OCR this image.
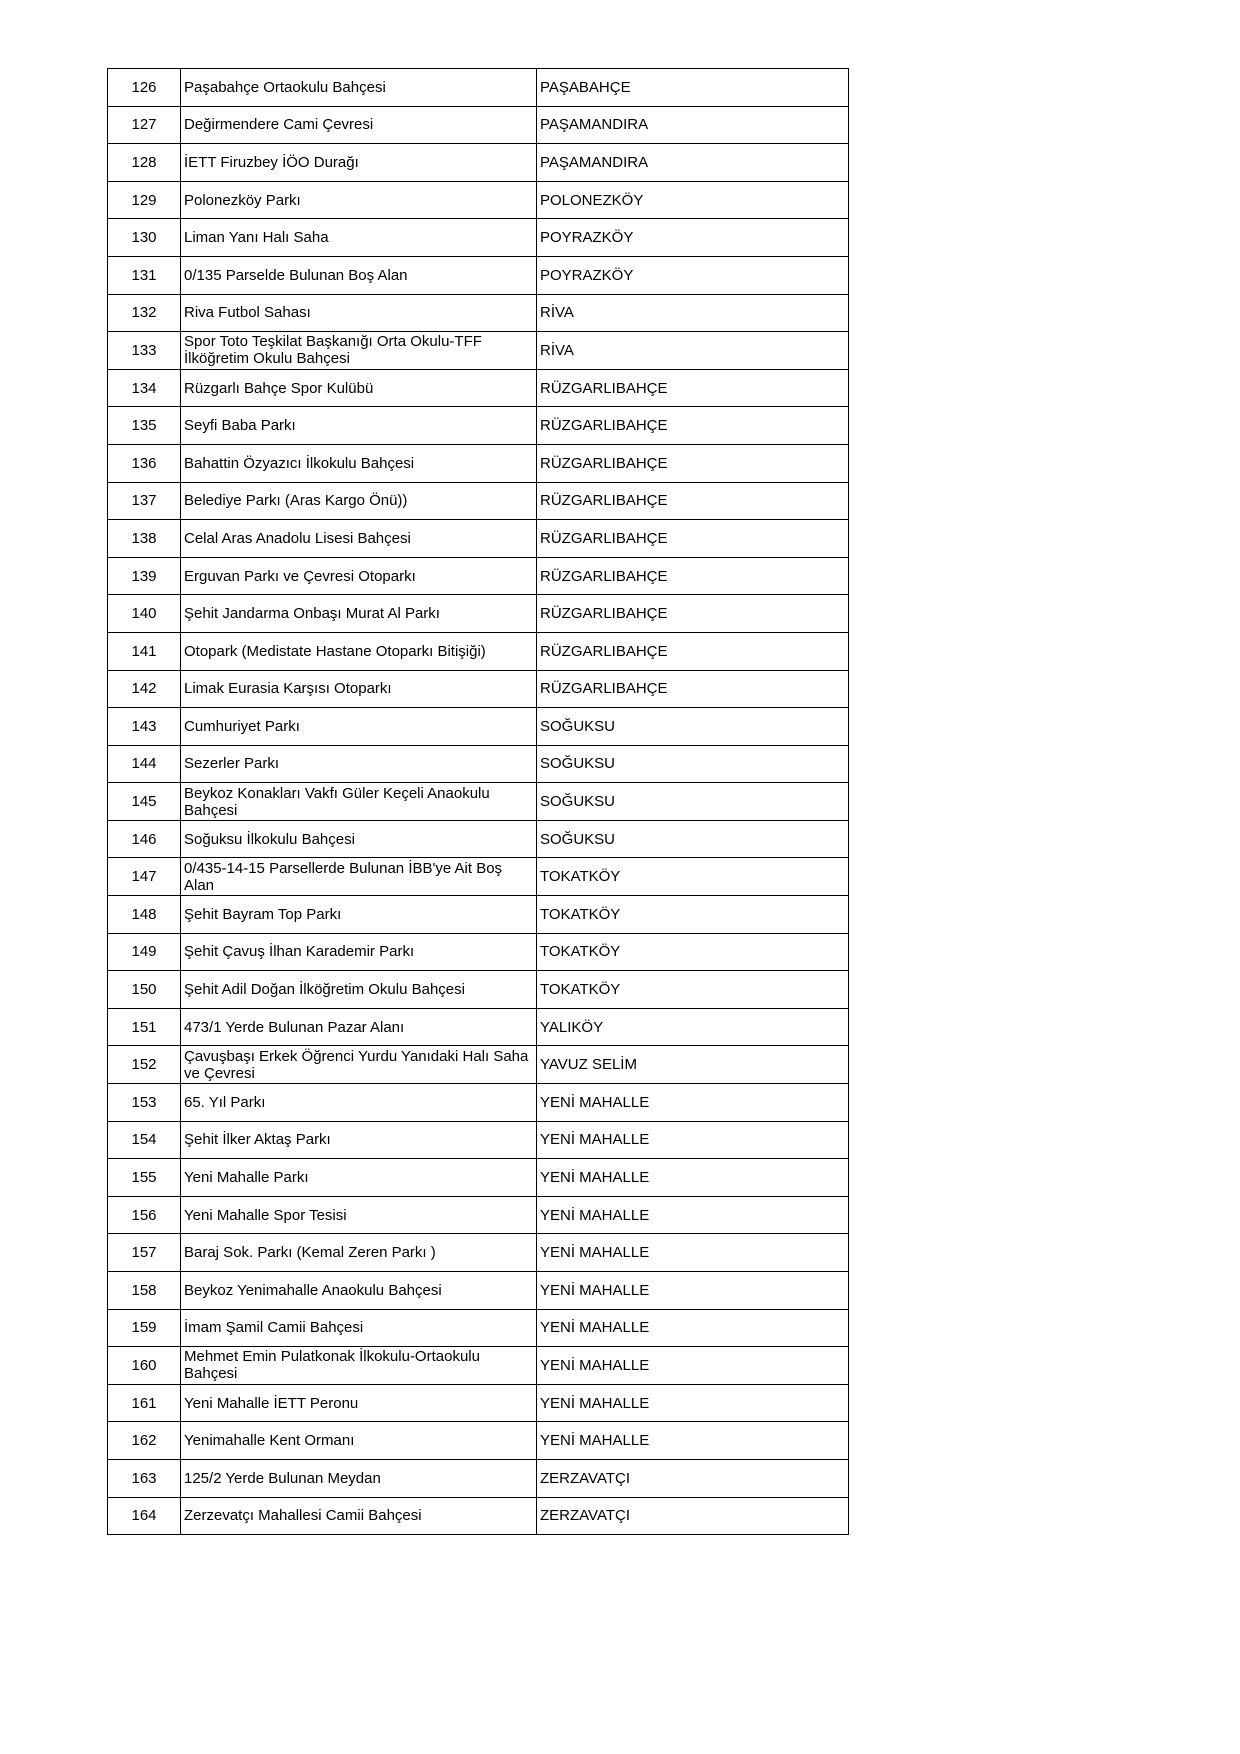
126	Paşabahçe Ortaokulu Bahçesi	PAŞABAHÇE
127	Değirmendere Cami Çevresi	PAŞAMANDIRA
128	İETT Firuzbey İÖO Durağı	PAŞAMANDIRA
129	Polonezköy Parkı	POLONEZKÖY
130	Liman Yanı Halı Saha	POYRAZKÖY
131	0/135 Parselde Bulunan Boş Alan	POYRAZKÖY
132	Riva Futbol Sahası	RİVA
133	Spor Toto Teşkilat Başkanığı Orta Okulu-TFF İlköğretim Okulu Bahçesi	RİVA
134	Rüzgarlı Bahçe Spor Kulübü	RÜZGARLIBAHÇE
135	Seyfi Baba Parkı	RÜZGARLIBAHÇE
136	Bahattin Özyazıcı İlkokulu Bahçesi	RÜZGARLIBAHÇE
137	Belediye Parkı (Aras Kargo Önü))	RÜZGARLIBAHÇE
138	Celal Aras Anadolu Lisesi Bahçesi	RÜZGARLIBAHÇE
139	Erguvan Parkı ve Çevresi Otoparkı	RÜZGARLIBAHÇE
140	Şehit Jandarma Onbaşı Murat Al Parkı	RÜZGARLIBAHÇE
141	Otopark (Medistate Hastane Otoparkı Bitişiği)	RÜZGARLIBAHÇE
142	Limak Eurasia Karşısı Otoparkı	RÜZGARLIBAHÇE
143	Cumhuriyet Parkı	SOĞUKSU
144	Sezerler Parkı	SOĞUKSU
145	Beykoz Konakları Vakfı Güler Keçeli Anaokulu Bahçesi	SOĞUKSU
146	Soğuksu İlkokulu Bahçesi	SOĞUKSU
147	0/435-14-15 Parsellerde Bulunan İBB'ye Ait Boş Alan	TOKATKÖY
148	Şehit Bayram Top Parkı	TOKATKÖY
149	Şehit Çavuş İlhan Karademir Parkı	TOKATKÖY
150	Şehit Adil Doğan İlköğretim Okulu Bahçesi	TOKATKÖY
151	473/1 Yerde Bulunan Pazar Alanı	YALIKÖY
152	Çavuşbaşı Erkek Öğrenci Yurdu Yanıdaki Halı Saha ve Çevresi	YAVUZ SELİM
153	65. Yıl Parkı	YENİ MAHALLE
154	Şehit İlker Aktaş Parkı	YENİ MAHALLE
155	Yeni Mahalle Parkı	YENİ MAHALLE
156	Yeni Mahalle Spor Tesisi	YENİ MAHALLE
157	Baraj Sok. Parkı (Kemal Zeren Parkı )	YENİ MAHALLE
158	Beykoz Yenimahalle Anaokulu Bahçesi	YENİ MAHALLE
159	İmam Şamil Camii Bahçesi	YENİ MAHALLE
160	Mehmet Emin Pulatkonak İlkokulu-Ortaokulu Bahçesi	YENİ MAHALLE
161	Yeni Mahalle İETT Peronu	YENİ MAHALLE
162	Yenimahalle Kent Ormanı	YENİ MAHALLE
163	125/2 Yerde Bulunan Meydan	ZERZAVATÇI
164	Zerzevatçı Mahallesi Camii Bahçesi	ZERZAVATÇI
